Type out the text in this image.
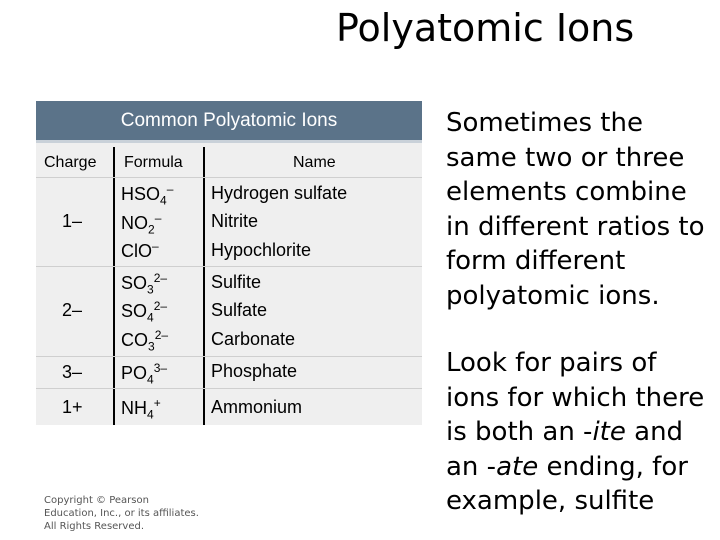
Polyatomic Ions
Common Polyatomic Ions
Charge Formula	Name
1–
2–
3–
1+
$HSO_4^-$
$NO_2^-$
ClO–
$SO_3^{2-}$
$SO_4^{2-}$
$CO_3^{2-}$
$PO_4^{3-}$
$NH_4^+$
Hydrogen sulfate
Nitrite
Hypochlorite
Sulfite
Sulfate
Carbonate
Phosphate
Ammonium
Copyright © Pearson Education, Inc., or its affiliates. All Rights Reserved.
Sometimes the same two or three elements combine in different ratios to form different polyatomic ions.
Look for pairs of ions for which there is both an -ite and an -ate ending, for example, sulfite
